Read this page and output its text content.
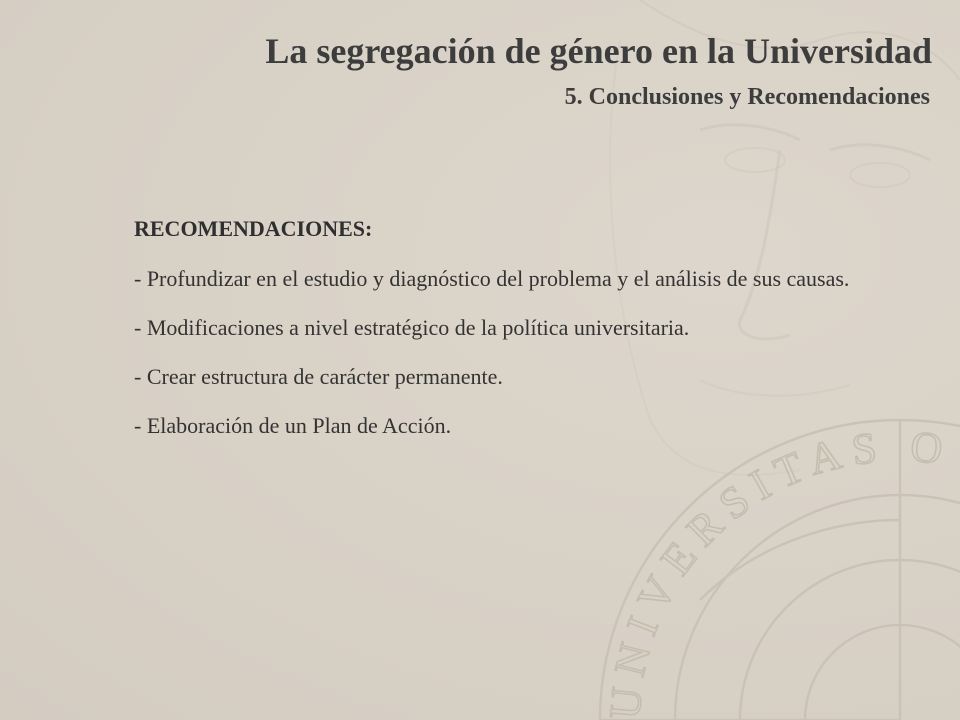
UNIVERSITAS O
La segregación de género en la Universidad
5. Conclusiones y Recomendaciones

RECOMENDACIONES:

- Profundizar en el estudio y diagnóstico del problema y el análisis de sus causas.

- Modificaciones a nivel estratégico de la política universitaria.

- Crear estructura de carácter permanente.

- Elaboración de un Plan de Acción.
